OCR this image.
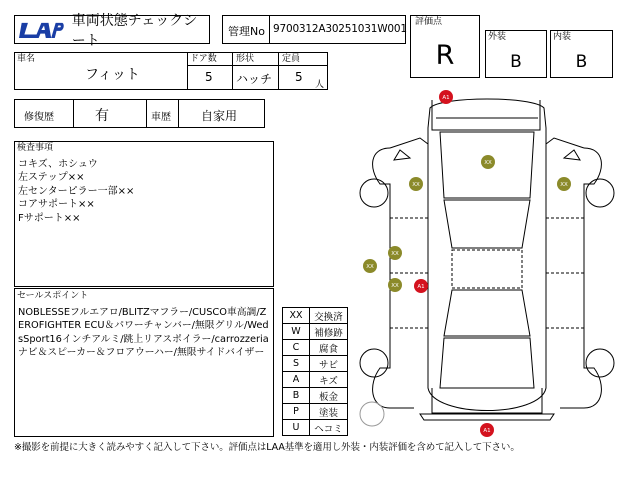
車両状態チェックシート
管理No 9700312A30251031W001
評価点
R
外装
B
内装
B
車名
フィット
ドア数
5
形状
ハッチ
定員
5
人
修復歴	有	車歴	自家用
検査事項
コキズ、ホシュウ
左ステップ××
左センターピラー一部××
コアサポート××
Fサポート××
セールスポイント
NOBLESSEフルエアロ/BLITZマフラー/CUSCO車高調/ZEROFIGHTER ECU＆パワーチャンバー/無限グリル/WedsSport16インチアルミ/跳上リアスポイラー/carrozzeriaナビ＆スピーカー＆フロアウーハー/無限サイドバイザー
XX	交換済
W	補修跡
C	腐食
S	サビ
A	キズ
B	板金
P	塗装
U	ヘコミ
A1
XX
XX	XX
XX
XX
XX	A1
A1
※撮影を前提に大きく読みやすく記入して下さい。評価点はLAA基準を適用し外装・内装評価を含めて記入して下さい。
